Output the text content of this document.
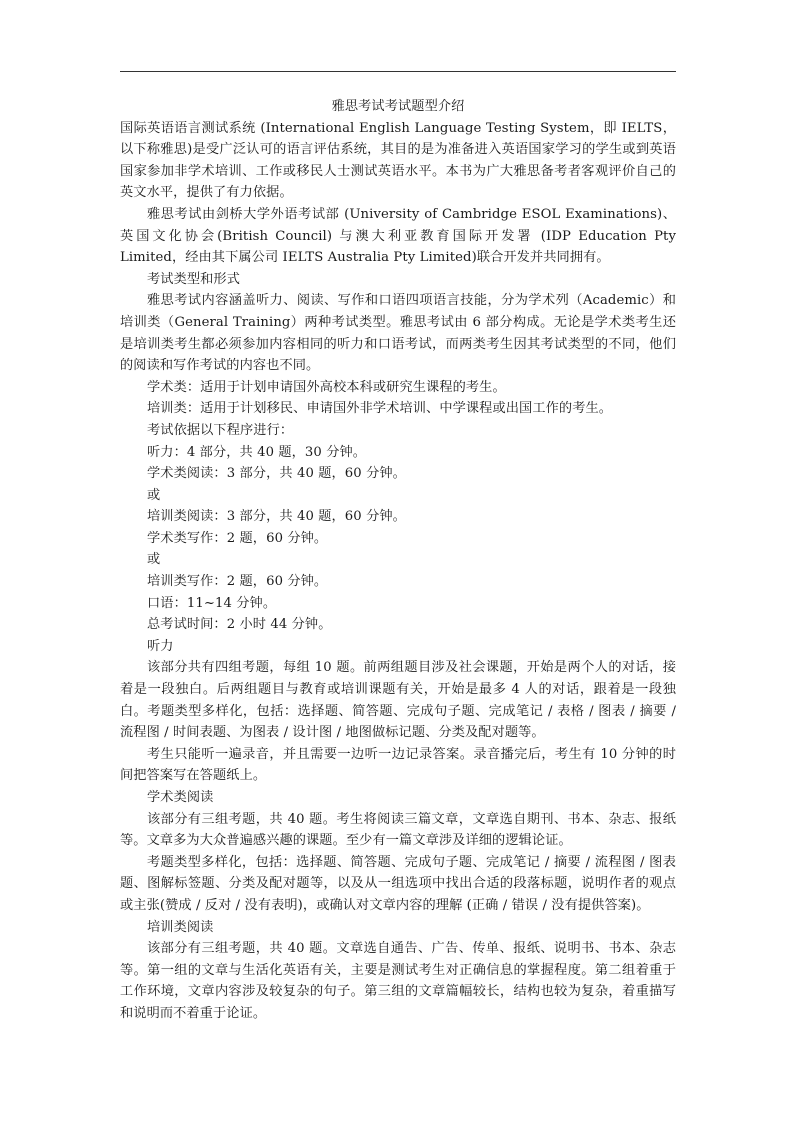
雅思考试考试题型介绍

国际英语语言测试系统 (International English Language Testing System，即 IELTS，以下称雅思)是受广泛认可的语言评估系统，其目的是为准备进入英语国家学习的学生或到英语国家参加非学术培训、工作或移民人士测试英语水平。本书为广大雅思备考者客观评价自己的英文水平，提供了有力依据。

雅思考试由剑桥大学外语考试部 (University of Cambridge ESOL Examinations)、英国文化协会(British Council) 与澳大利亚教育国际开发署 (IDP Education Pty Limited，经由其下属公司 IELTS Australia Pty Limited)联合开发并共同拥有。

考试类型和形式

雅思考试内容涵盖听力、阅读、写作和口语四项语言技能，分为学术列（Academic）和培训类（General Training）两种考试类型。雅思考试由 6 部分构成。无论是学术类考生还是培训类考生都必须参加内容相同的听力和口语考试，而两类考生因其考试类型的不同，他们的阅读和写作考试的内容也不同。

学术类：适用于计划申请国外高校本科或研究生课程的考生。

培训类：适用于计划移民、申请国外非学术培训、中学课程或出国工作的考生。

考试依据以下程序进行：

听力：4 部分，共 40 题，30 分钟。

学术类阅读：3 部分，共 40 题，60 分钟。

或

培训类阅读：3 部分，共 40 题，60 分钟。

学术类写作：2 题，60 分钟。

或

培训类写作：2 题，60 分钟。

口语：11~14 分钟。

总考试时间：2 小时 44 分钟。

听力

该部分共有四组考题，每组 10 题。前两组题目涉及社会课题，开始是两个人的对话，接着是一段独白。后两组题目与教育或培训课题有关，开始是最多 4 人的对话，跟着是一段独白。考题类型多样化，包括：选择题、简答题、完成句子题、完成笔记 / 表格 / 图表 / 摘要 / 流程图 / 时间表题、为图表 / 设计图 / 地图做标记题、分类及配对题等。

考生只能听一遍录音，并且需要一边听一边记录答案。录音播完后，考生有 10 分钟的时间把答案写在答题纸上。

学术类阅读

该部分有三组考题，共 40 题。考生将阅读三篇文章，文章选自期刊、书本、杂志、报纸等。文章多为大众普遍感兴趣的课题。至少有一篇文章涉及详细的逻辑论证。

考题类型多样化，包括：选择题、简答题、完成句子题、完成笔记 / 摘要 / 流程图 / 图表题、图解标签题、分类及配对题等，以及从一组选项中找出合适的段落标题，说明作者的观点或主张(赞成 / 反对 / 没有表明)，或确认对文章内容的理解 (正确 / 错误 / 没有提供答案)。

培训类阅读

该部分有三组考题，共 40 题。文章选自通告、广告、传单、报纸、说明书、书本、杂志等。第一组的文章与生活化英语有关，主要是测试考生对正确信息的掌握程度。第二组着重于工作环境，文章内容涉及较复杂的句子。第三组的文章篇幅较长，结构也较为复杂，着重描写和说明而不着重于论证。
